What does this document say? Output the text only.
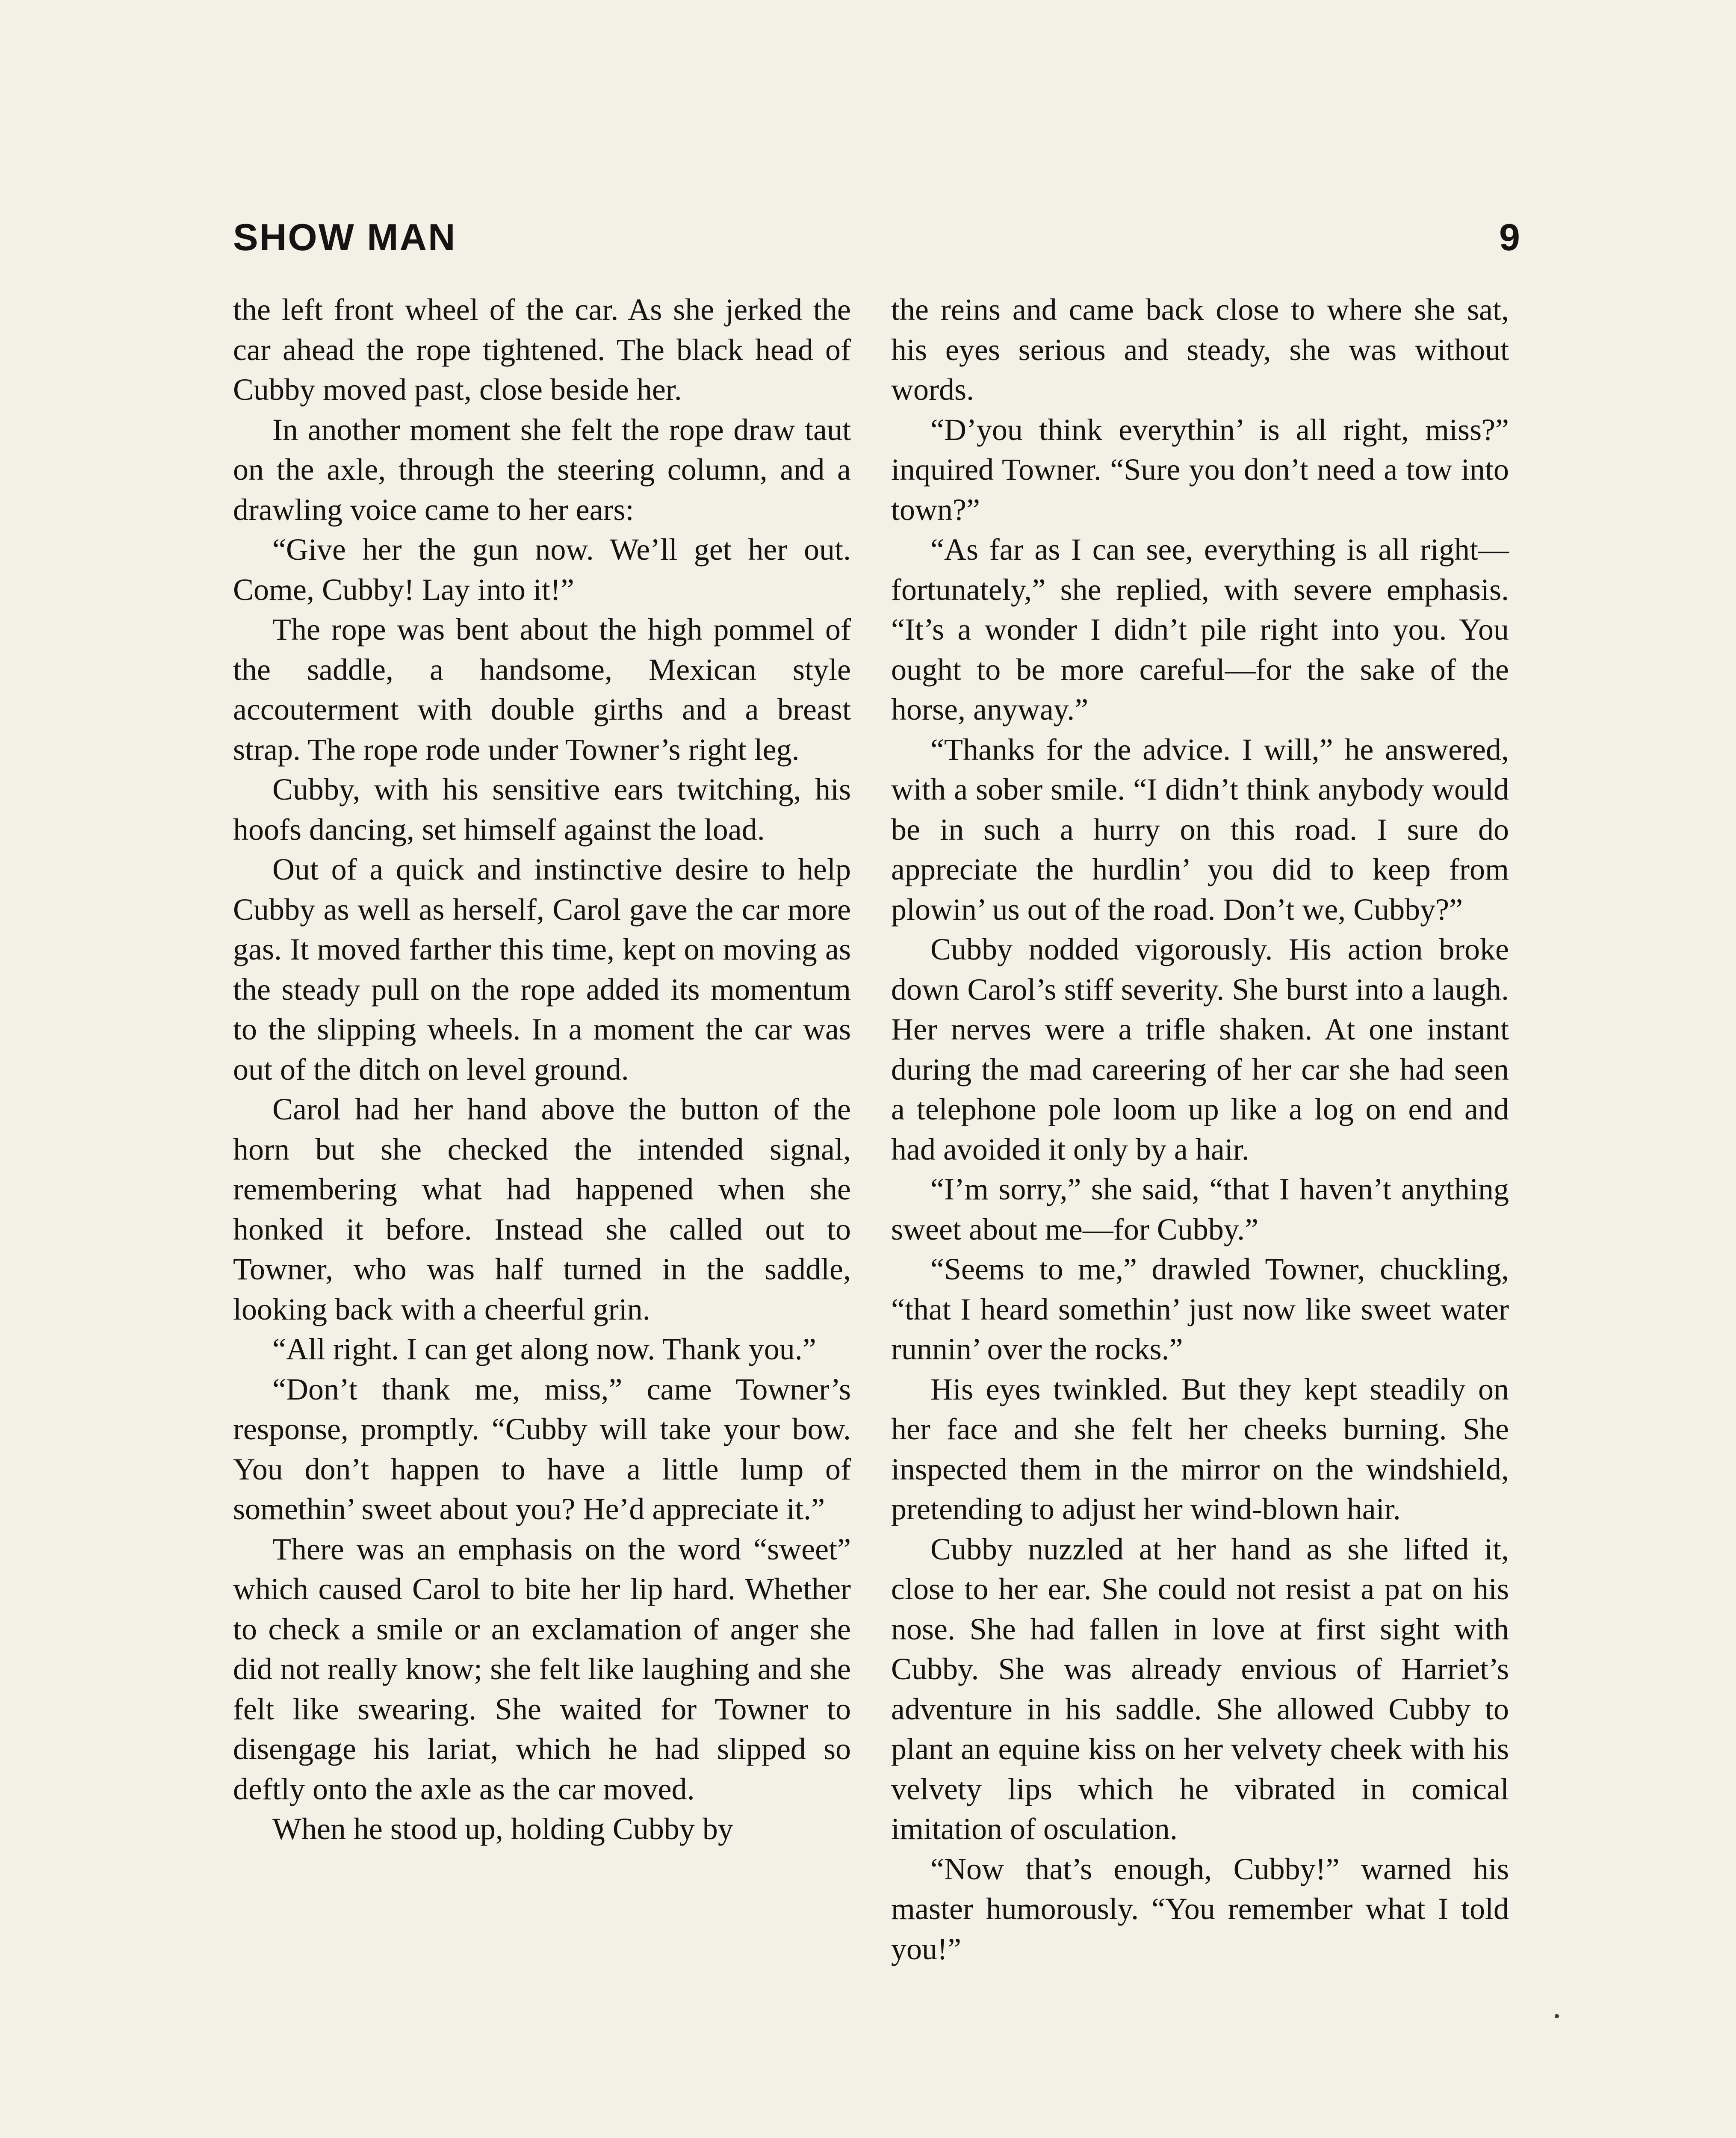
SHOW MAN	9

the left front wheel of the car. As she jerked the car ahead the rope tightened. The black head of Cubby moved past, close beside her.

In another moment she felt the rope draw taut on the axle, through the steering column, and a drawling voice came to her ears:

“Give her the gun now. We’ll get her out. Come, Cubby! Lay into it!”

The rope was bent about the high pommel of the saddle, a handsome, Mexican style accouterment with double girths and a breast strap. The rope rode under Towner’s right leg.

Cubby, with his sensitive ears twitching, his hoofs dancing, set himself against the load.

Out of a quick and instinctive desire to help Cubby as well as herself, Carol gave the car more gas. It moved farther this time, kept on moving as the steady pull on the rope added its momentum to the slipping wheels. In a moment the car was out of the ditch on level ground.

Carol had her hand above the button of the horn but she checked the intended signal, remembering what had happened when she honked it before. Instead she called out to Towner, who was half turned in the saddle, looking back with a cheerful grin.

“All right. I can get along now. Thank you.”

“Don’t thank me, miss,” came Towner’s response, promptly. “Cubby will take your bow. You don’t happen to have a little lump of somethin’ sweet about you? He’d appreciate it.”

There was an emphasis on the word “sweet” which caused Carol to bite her lip hard. Whether to check a smile or an exclamation of anger she did not really know; she felt like laughing and she felt like swearing. She waited for Towner to disengage his lariat, which he had slipped so deftly onto the axle as the car moved.

When he stood up, holding Cubby by

the reins and came back close to where she sat, his eyes serious and steady, she was without words.

“D’you think everythin’ is all right, miss?” inquired Towner. “Sure you don’t need a tow into town?”

“As far as I can see, everything is all right—fortunately,” she replied, with severe emphasis. “It’s a wonder I didn’t pile right into you. You ought to be more careful—for the sake of the horse, anyway.”

“Thanks for the advice. I will,” he answered, with a sober smile. “I didn’t think anybody would be in such a hurry on this road. I sure do appreciate the hurdlin’ you did to keep from plowin’ us out of the road. Don’t we, Cubby?”

Cubby nodded vigorously. His action broke down Carol’s stiff severity. She burst into a laugh. Her nerves were a trifle shaken. At one instant during the mad careering of her car she had seen a telephone pole loom up like a log on end and had avoided it only by a hair.

“I’m sorry,” she said, “that I haven’t anything sweet about me—for Cubby.”

“Seems to me,” drawled Towner, chuckling, “that I heard somethin’ just now like sweet water runnin’ over the rocks.”

His eyes twinkled. But they kept steadily on her face and she felt her cheeks burning. She inspected them in the mirror on the windshield, pretending to adjust her wind-blown hair.

Cubby nuzzled at her hand as she lifted it, close to her ear. She could not resist a pat on his nose. She had fallen in love at first sight with Cubby. She was already envious of Harriet’s adventure in his saddle. She allowed Cubby to plant an equine kiss on her velvety cheek with his velvety lips which he vibrated in comical imitation of osculation.

“Now that’s enough, Cubby!” warned his master humorously. “You remember what I told you!”
